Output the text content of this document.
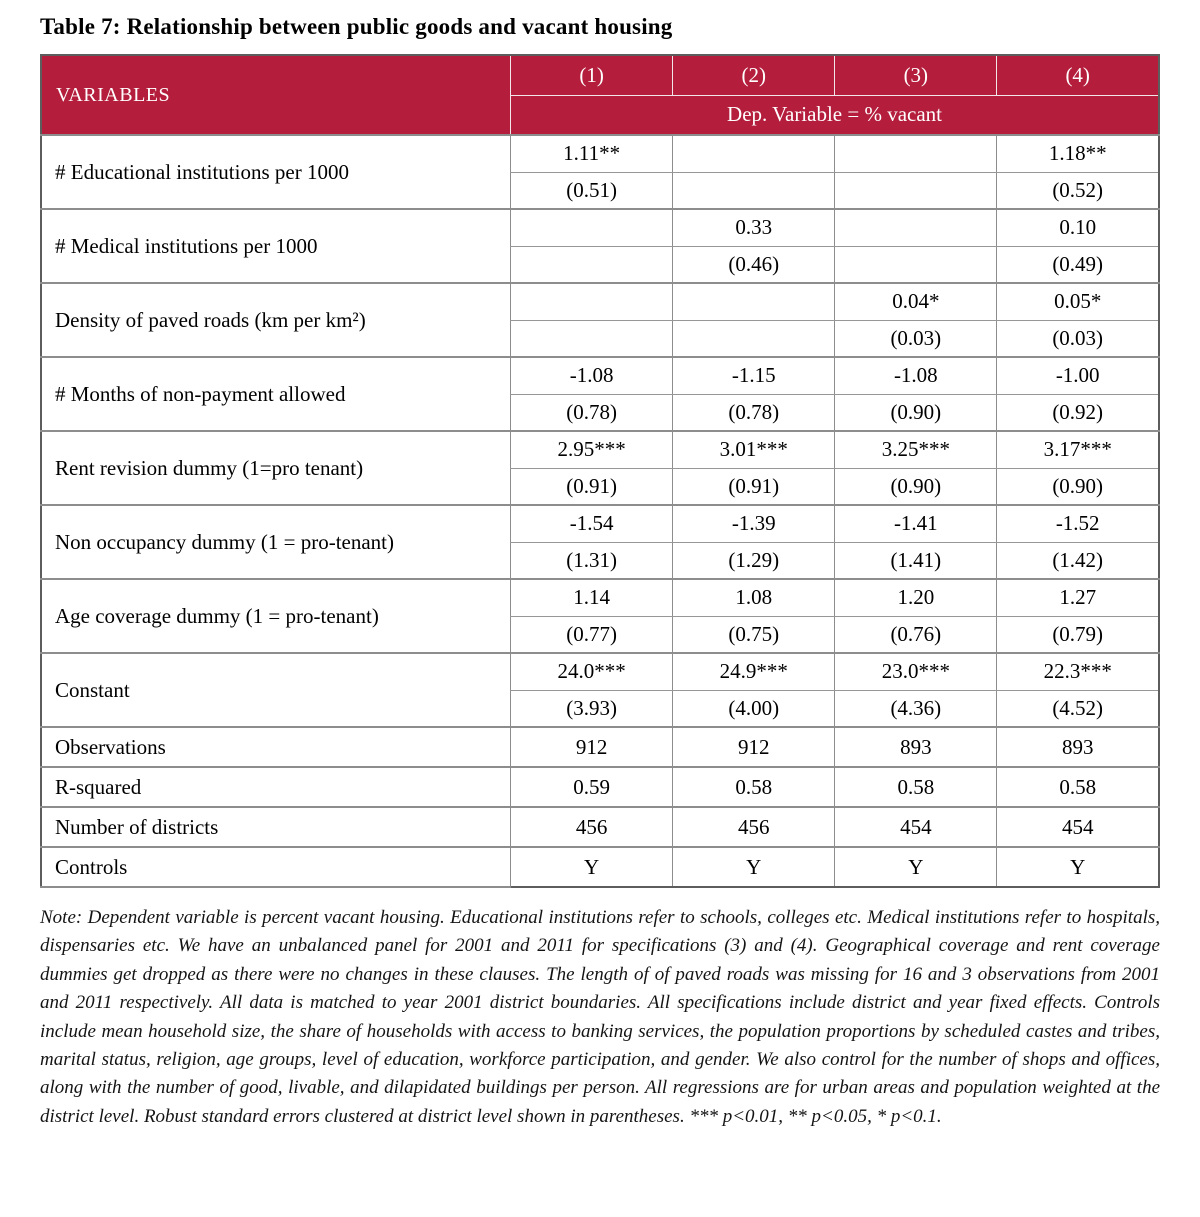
Table 7: Relationship between public goods and vacant housing
VARIABLES	(1)	(2)	(3)	(4)
	Dep. Variable = % vacant			
# Educational institutions per 1000	1.11**			1.18**
	(0.51)			(0.52)
# Medical institutions per 1000		0.33		0.10
		(0.46)		(0.49)
Density of paved roads (km per km²)			0.04*	0.05*
			(0.03)	(0.03)
# Months of non-payment allowed	-1.08	-1.15	-1.08	-1.00
	(0.78)	(0.78)	(0.90)	(0.92)
Rent revision dummy (1=pro tenant)	2.95***	3.01***	3.25***	3.17***
	(0.91)	(0.91)	(0.90)	(0.90)
Non occupancy dummy (1 = pro-tenant)	-1.54	-1.39	-1.41	-1.52
	(1.31)	(1.29)	(1.41)	(1.42)
Age coverage dummy (1 = pro-tenant)	1.14	1.08	1.20	1.27
	(0.77)	(0.75)	(0.76)	(0.79)
Constant	24.0***	24.9***	23.0***	22.3***
	(3.93)	(4.00)	(4.36)	(4.52)
Observations	912	912	893	893
R-squared	0.59	0.58	0.58	0.58
Number of districts	456	456	454	454
Controls	Y	Y	Y	Y

Note: Dependent variable is percent vacant housing. Educational institutions refer to schools, colleges etc. Medical institutions refer to hospitals, dispensaries etc. We have an unbalanced panel for 2001 and 2011 for specifications (3) and (4). Geographical coverage and rent coverage dummies get dropped as there were no changes in these clauses. The length of of paved roads was missing for 16 and 3 observations from 2001 and 2011 respectively. All data is matched to year 2001 district boundaries. All specifications include district and year fixed effects. Controls include mean household size, the share of households with access to banking services, the population proportions by scheduled castes and tribes, marital status, religion, age groups, level of education, workforce participation, and gender. We also control for the number of shops and offices, along with the number of good, livable, and dilapidated buildings per person. All regressions are for urban areas and population weighted at the district level. Robust standard errors clustered at district level shown in parentheses. *** p<0.01, ** p<0.05, * p<0.1.
